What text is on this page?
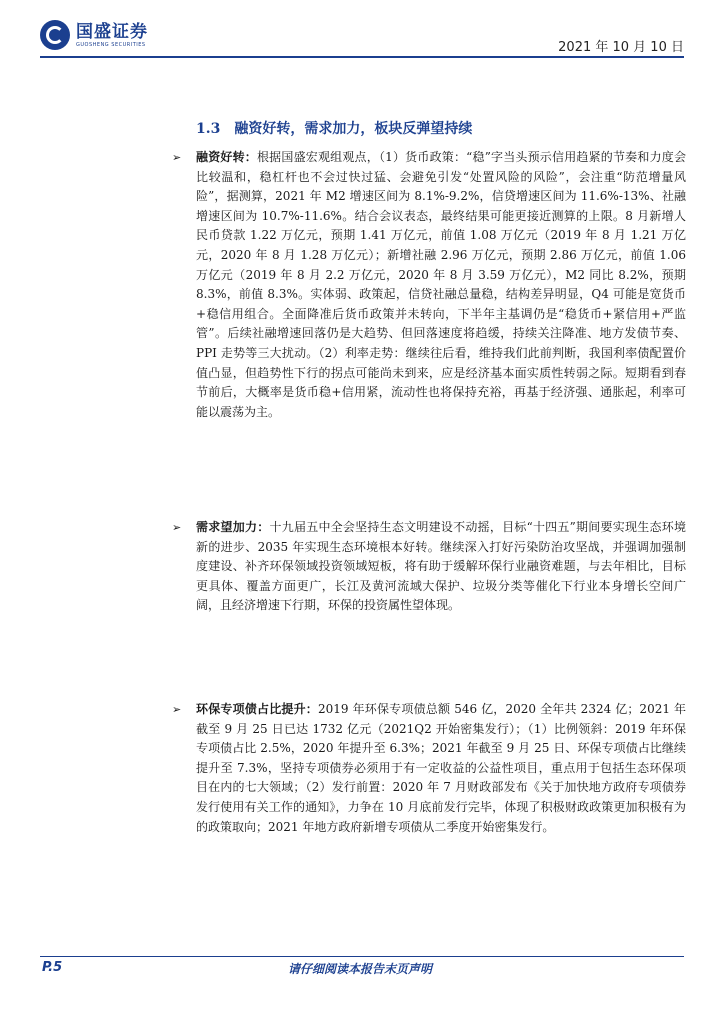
国盛证券
GUOSHENG SECURITIES	2021 年 10 月 10 日
1.3 融资好转，需求加力，板块反弹望持续
➢ 融资好转：根据国盛宏观组观点，（1）货币政策：“稳”字当头预示信用趋紧的节奏和力度会比较温和，稳杠杆也不会过快过猛、会避免引发“处置风险的风险”，会注重“防范增量风险”，据测算，2021 年 M2 增速区间为 8.1%-9.2%，信贷增速区间为 11.6%-13%、社融增速区间为 10.7%-11.6%。结合会议表态，最终结果可能更接近测算的上限。8 月新增人民币贷款 1.22 万亿元，预期 1.41 万亿元，前值 1.08 万亿元（2019 年 8 月 1.21 万亿元，2020 年 8 月 1.28 万亿元）；新增社融 2.96 万亿元，预期 2.86 万亿元，前值 1.06 万亿元（2019 年 8 月 2.2 万亿元，2020 年 8 月 3.59 万亿元），M2 同比 8.2%，预期 8.3%，前值 8.3%。实体弱、政策起，信贷社融总量稳，结构差异明显，Q4 可能是宽货币+稳信用组合。全面降准后货币政策并未转向，下半年主基调仍是“稳货币+紧信用+严监管”。后续社融增速回落仍是大趋势、但回落速度将趋缓，持续关注降准、地方发债节奏、PPI 走势等三大扰动。（2）利率走势：继续往后看，维持我们此前判断，我国利率债配置价值凸显，但趋势性下行的拐点可能尚未到来，应是经济基本面实质性转弱之际。短期看到春节前后，大概率是货币稳+信用紧，流动性也将保持充裕，再基于经济强、通胀起，利率可能以震荡为主。
➢ 需求望加力：十九届五中全会坚持生态文明建设不动摇，目标“十四五”期间要实现生态环境新的进步、2035 年实现生态环境根本好转。继续深入打好污染防治攻坚战，并强调加强制度建设、补齐环保领域投资领域短板，将有助于缓解环保行业融资难题，与去年相比，目标更具体、覆盖方面更广，长江及黄河流域大保护、垃圾分类等催化下行业本身增长空间广阔，且经济增速下行期，环保的投资属性望体现。
➢ 环保专项债占比提升：2019 年环保专项债总额 546 亿，2020 全年共 2324 亿；2021 年截至 9 月 25 日已达 1732 亿元（2021Q2 开始密集发行）；（1）比例领斜：2019 年环保专项债占比 2.5%，2020 年提升至 6.3%；2021 年截至 9 月 25 日、环保专项债占比继续提升至 7.3%，坚持专项债券必须用于有一定收益的公益性项目，重点用于包括生态环保项目在内的七大领域；（2）发行前置：2020 年 7 月财政部发布《关于加快地方政府专项债券发行使用有关工作的通知》，力争在 10 月底前发行完毕，体现了积极财政政策更加积极有为的政策取向；2021 年地方政府新增专项债从二季度开始密集发行。
P.5	请仔细阅读本报告末页声明
